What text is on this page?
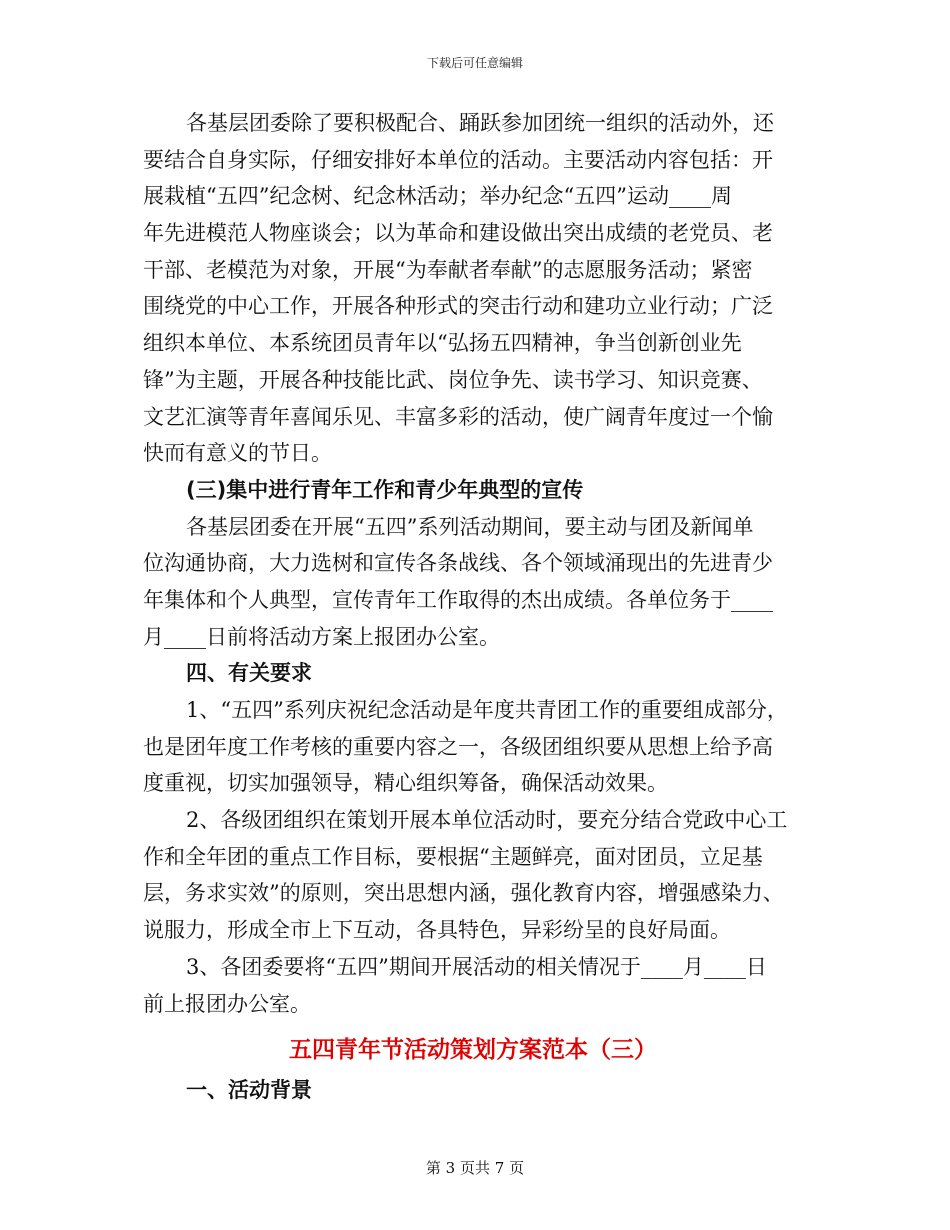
下载后可任意编辑
各基层团委除了要积极配合、踊跃参加团统一组织的活动外，还
要结合自身实际，仔细安排好本单位的活动。主要活动内容包括：开
展栽植“五四”纪念树、纪念林活动；举办纪念“五四”运动____周
年先进模范人物座谈会；以为革命和建设做出突出成绩的老党员、老
干部、老模范为对象，开展“为奉献者奉献”的志愿服务活动；紧密
围绕党的中心工作，开展各种形式的突击行动和建功立业行动；广泛
组织本单位、本系统团员青年以“弘扬五四精神，争当创新创业先
锋”为主题，开展各种技能比武、岗位争先、读书学习、知识竞赛、
文艺汇演等青年喜闻乐见、丰富多彩的活动，使广阔青年度过一个愉
快而有意义的节日。
(三)集中进行青年工作和青少年典型的宣传
各基层团委在开展“五四”系列活动期间，要主动与团及新闻单
位沟通协商，大力选树和宣传各条战线、各个领域涌现出的先进青少
年集体和个人典型，宣传青年工作取得的杰出成绩。各单位务于____
月____日前将活动方案上报团办公室。
四、有关要求
1、“五四”系列庆祝纪念活动是年度共青团工作的重要组成部分，
也是团年度工作考核的重要内容之一，各级团组织要从思想上给予高
度重视，切实加强领导，精心组织筹备，确保活动效果。
2、各级团组织在策划开展本单位活动时，要充分结合党政中心工
作和全年团的重点工作目标，要根据“主题鲜亮，面对团员，立足基
层，务求实效”的原则，突出思想内涵，强化教育内容，增强感染力、
说服力，形成全市上下互动，各具特色，异彩纷呈的良好局面。
3、各团委要将“五四”期间开展活动的相关情况于____月____日
前上报团办公室。
五四青年节活动策划方案范本（三）
一、活动背景
第 3 页共 7 页
